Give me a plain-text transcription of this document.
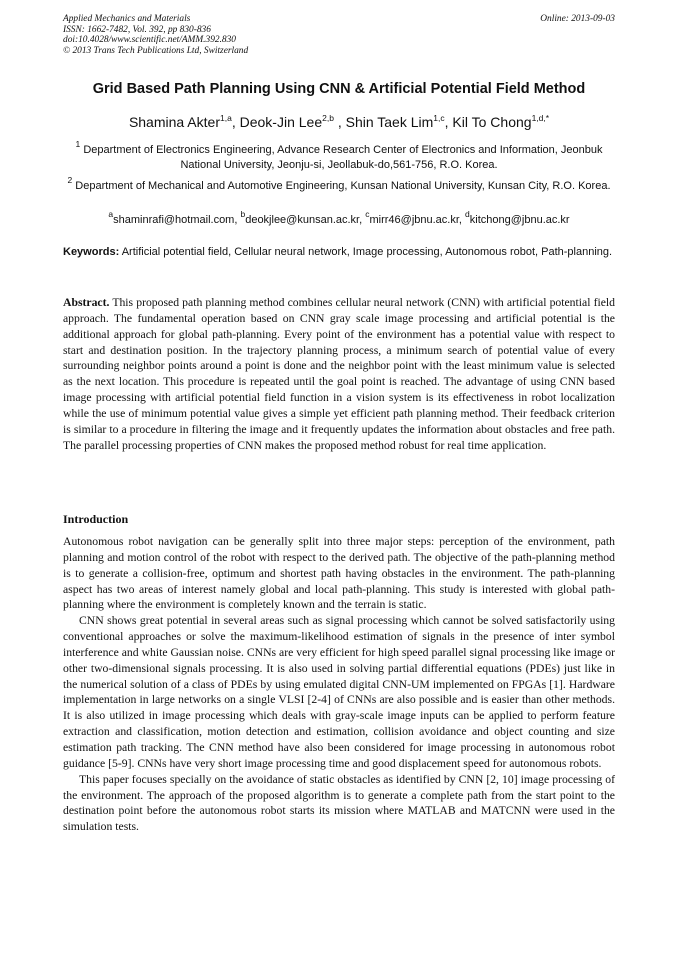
Applied Mechanics and Materials
ISSN: 1662-7482, Vol. 392, pp 830-836
doi:10.4028/www.scientific.net/AMM.392.830
© 2013 Trans Tech Publications Ltd, Switzerland
Online: 2013-09-03
Grid Based Path Planning Using CNN & Artificial Potential Field Method
Shamina Akter$^{1,a}$, Deok-Jin Lee$^{2,b}$ , Shin Taek Lim$^{1,c}$, Kil To Chong$^{1,d,*}$
$^1$ Department of Electronics Engineering, Advance Research Center of Electronics and Information, Jeonbuk National University, Jeonju-si, Jeollabuk-do,561-756, R.O. Korea.
$^2$ Department of Mechanical and Automotive Engineering, Kunsan National University, Kunsan City, R.O. Korea.
$^a$shaminrafi@hotmail.com, $^b$deokjlee@kunsan.ac.kr, $^c$mirr46@jbnu.ac.kr, $^d$kitchong@jbnu.ac.kr
Keywords: Artificial potential field, Cellular neural network, Image processing, Autonomous robot, Path-planning.
Abstract. This proposed path planning method combines cellular neural network (CNN) with artificial potential field approach. The fundamental operation based on CNN gray scale image processing and artificial potential is the additional approach for global path-planning. Every point of the environment has a potential value with respect to start and destination position. In the trajectory planning process, a minimum search of potential value of every surrounding neighbor points around a point is done and the neighbor point with the least minimum value is selected as the next location. This procedure is repeated until the goal point is reached. The advantage of using CNN based image processing with artificial potential field function in a vision system is its effectiveness in robot localization while the use of minimum potential value gives a simple yet efficient path planning method. Their feedback criterion is similar to a procedure in filtering the image and it frequently updates the information about obstacles and free path. The parallel processing properties of CNN makes the proposed method robust for real time application.
Introduction

Autonomous robot navigation can be generally split into three major steps: perception of the environment, path planning and motion control of the robot with respect to the derived path. The objective of the path-planning method is to generate a collision-free, optimum and shortest path having obstacles in the environment. The path-planning aspect has two areas of interest namely global and local path-planning. This study is interested with global path-planning where the environment is completely known and the terrain is static.

CNN shows great potential in several areas such as signal processing which cannot be solved satisfactorily using conventional approaches or solve the maximum-likelihood estimation of signals in the presence of inter symbol interference and white Gaussian noise. CNNs are very efficient for high speed parallel signal processing like image or other two-dimensional signals processing. It is also used in solving partial differential equations (PDEs) just like in the numerical solution of a class of PDEs by using emulated digital CNN-UM implemented on FPGAs [1]. Hardware implementation in large networks on a single VLSI [2-4] of CNNs are also possible and is easier than other methods. It is also utilized in image processing which deals with gray-scale image inputs can be applied to perform feature extraction and classification, motion detection and estimation, collision avoidance and object counting and size estimation path tracking. The CNN method have also been considered for image processing in autonomous robot guidance [5-9]. CNNs have very short image processing time and good displacement speed for autonomous robots.

This paper focuses specially on the avoidance of static obstacles as identified by CNN [2, 10] image processing of the environment. The approach of the proposed algorithm is to generate a complete path from the start point to the destination point before the autonomous robot starts its mission where MATLAB and MATCNN were used in the simulation tests.
